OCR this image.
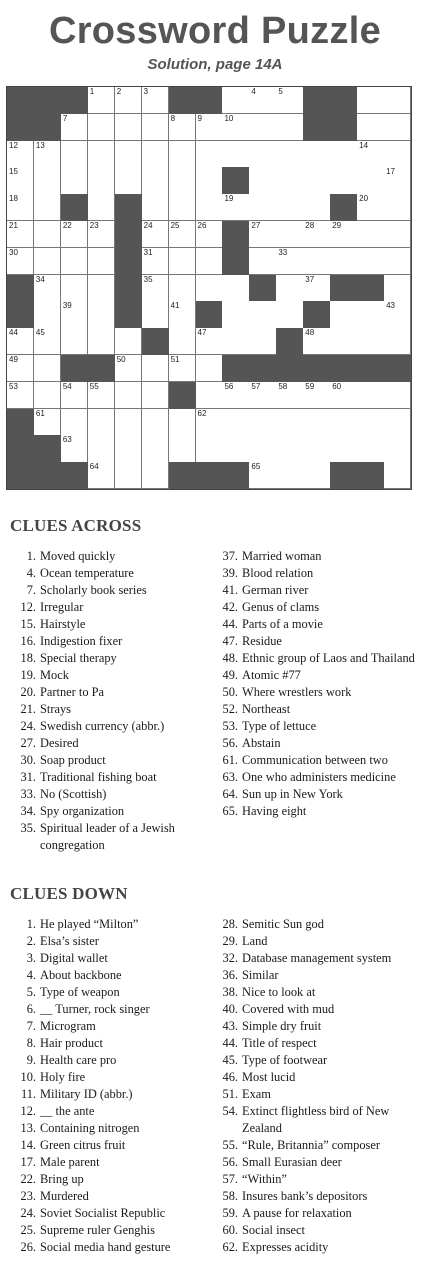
Crossword Puzzle
Solution, page 14A
1	2	3	4	5
7	8	9	10
12 13	14
15	17
18	19	20
21	22 23	24 25 26	27	28 29
30	31	33
34	35	37
39	41	43
44 45	47	48
49	50	51
53	54 55	56 57 58 59 60
61	62
63
64	65
CLUES ACROSS
1. Moved quickly
4. Ocean temperature
7. Scholarly book series
12. Irregular
15. Hairstyle
16. Indigestion fixer
18. Special therapy
19. Mock
20. Partner to Pa
21. Strays
24. Swedish currency (abbr.)
27. Desired
30. Soap product
31. Traditional fishing boat
33. No (Scottish)
34. Spy organization
35. Spiritual leader of a Jewish congregation
37. Married woman
39. Blood relation
41. German river
42. Genus of clams
44. Parts of a movie
47. Residue
48. Ethnic group of Laos and Thailand
49. Atomic #77
50. Where wrestlers work
52. Northeast
53. Type of lettuce
56. Abstain
61. Communication between two
63. One who administers medicine
64. Sun up in New York
65. Having eight
CLUES DOWN
1. He played “Milton”
2. Elsa’s sister
3. Digital wallet
4. About backbone
5. Type of weapon
6. __ Turner, rock singer
7. Microgram
8. Hair product
9. Health care pro
10. Holy fire
11. Military ID (abbr.)
12. __ the ante
13. Containing nitrogen
14. Green citrus fruit
17. Male parent
22. Bring up
23. Murdered
24. Soviet Socialist Republic
25. Supreme ruler Genghis
26. Social media hand gesture
28. Semitic Sun god
29. Land
32. Database management system
36. Similar
38. Nice to look at
40. Covered with mud
43. Simple dry fruit
44. Title of respect
45. Type of footwear
46. Most lucid
51. Exam
54. Extinct flightless bird of New Zealand
55. “Rule, Britannia” composer
56. Small Eurasian deer
57. “Within”
58. Insures bank’s depositors
59. A pause for relaxation
60. Social insect
62. Expresses acidity
